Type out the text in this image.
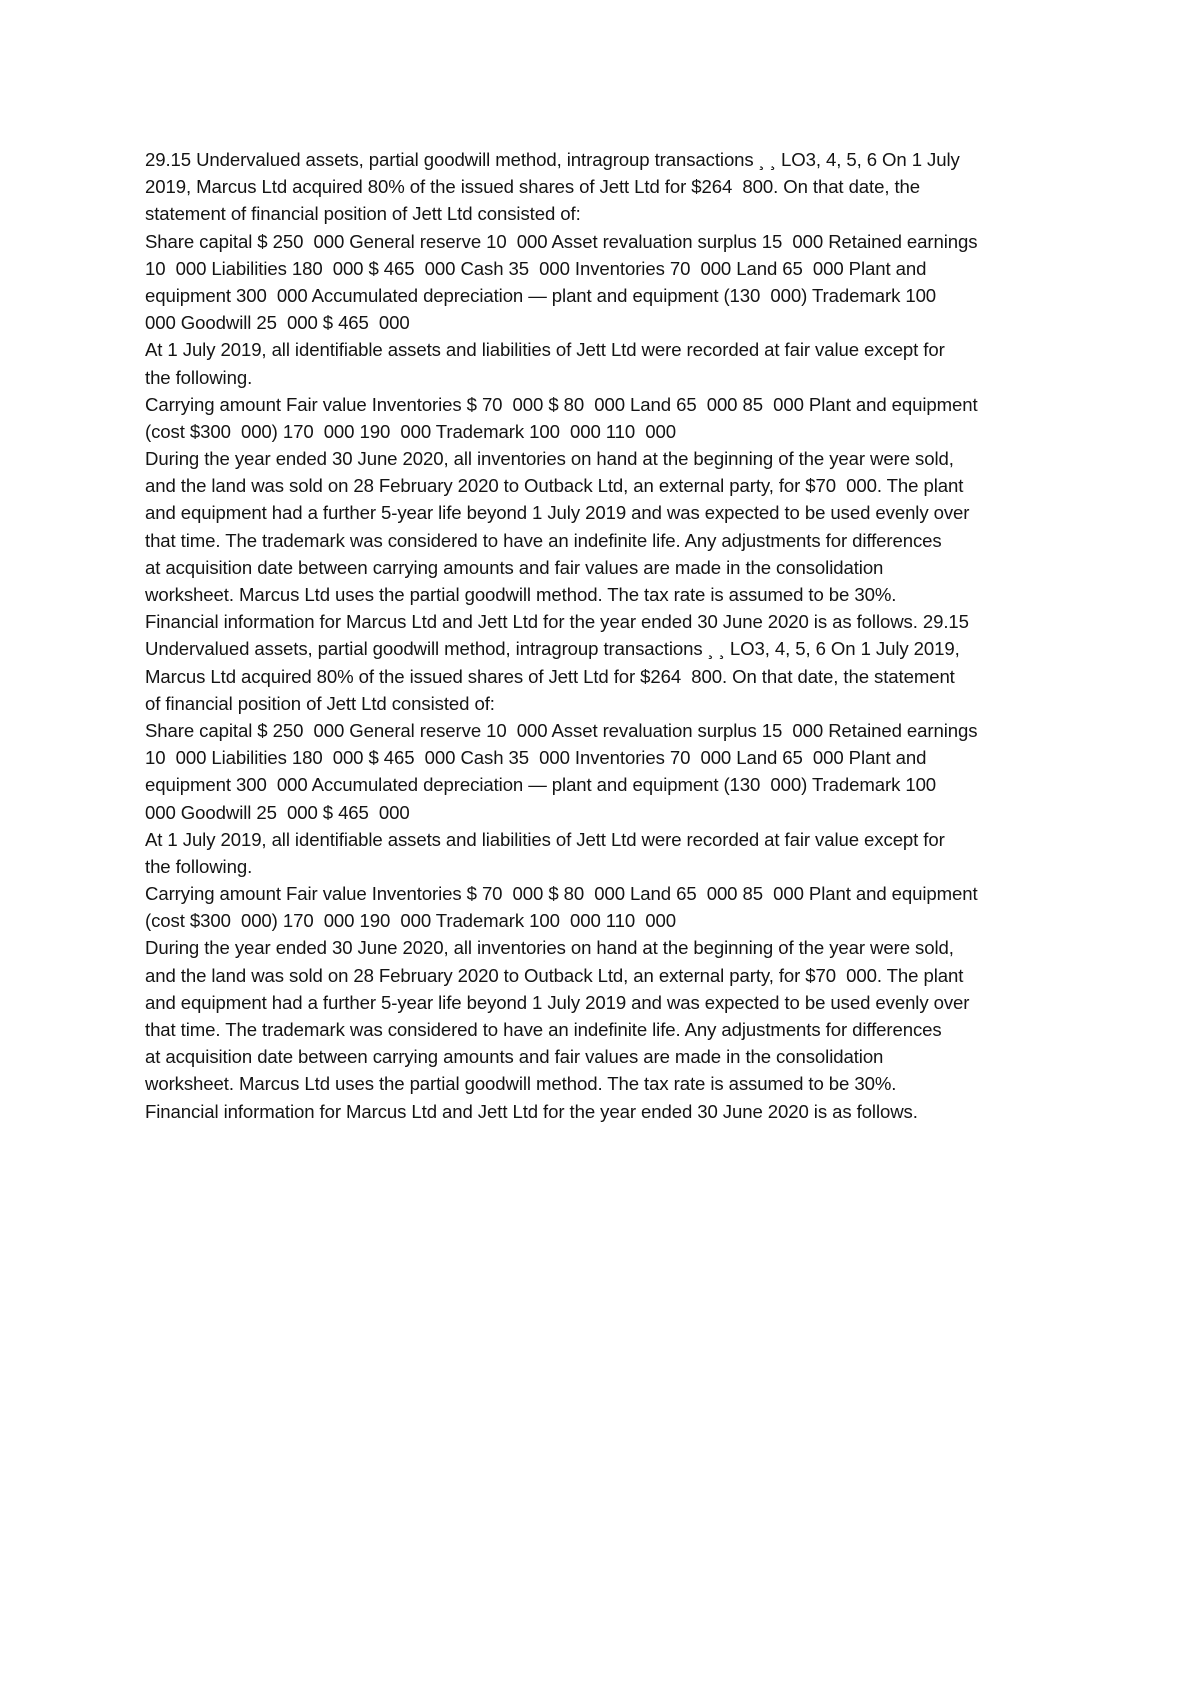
29.15 Undervalued assets, partial goodwill method, intragroup transactions ¸ ¸ LO3, 4, 5, 6 On 1 July
2019, Marcus Ltd acquired 80% of the issued shares of Jett Ltd for $264  800. On that date, the
statement of financial position of Jett Ltd consisted of:
Share capital $ 250  000 General reserve 10  000 Asset revaluation surplus 15  000 Retained earnings
10  000 Liabilities 180  000 $ 465  000 Cash 35  000 Inventories 70  000 Land 65  000 Plant and
equipment 300  000 Accumulated depreciation — plant and equipment (130  000) Trademark 100
000 Goodwill 25  000 $ 465  000
At 1 July 2019, all identifiable assets and liabilities of Jett Ltd were recorded at fair value except for
the following.
Carrying amount Fair value Inventories $ 70  000 $ 80  000 Land 65  000 85  000 Plant and equipment
(cost $300  000) 170  000 190  000 Trademark 100  000 110  000
During the year ended 30 June 2020, all inventories on hand at the beginning of the year were sold,
and the land was sold on 28 February 2020 to Outback Ltd, an external party, for $70  000. The plant
and equipment had a further 5-year life beyond 1 July 2019 and was expected to be used evenly over
that time. The trademark was considered to have an indefinite life. Any adjustments for differences
at acquisition date between carrying amounts and fair values are made in the consolidation
worksheet. Marcus Ltd uses the partial goodwill method. The tax rate is assumed to be 30%.
Financial information for Marcus Ltd and Jett Ltd for the year ended 30 June 2020 is as follows. 29.15
Undervalued assets, partial goodwill method, intragroup transactions ¸ ¸ LO3, 4, 5, 6 On 1 July 2019,
Marcus Ltd acquired 80% of the issued shares of Jett Ltd for $264  800. On that date, the statement
of financial position of Jett Ltd consisted of:
Share capital $ 250  000 General reserve 10  000 Asset revaluation surplus 15  000 Retained earnings
10  000 Liabilities 180  000 $ 465  000 Cash 35  000 Inventories 70  000 Land 65  000 Plant and
equipment 300  000 Accumulated depreciation — plant and equipment (130  000) Trademark 100
000 Goodwill 25  000 $ 465  000
At 1 July 2019, all identifiable assets and liabilities of Jett Ltd were recorded at fair value except for
the following.
Carrying amount Fair value Inventories $ 70  000 $ 80  000 Land 65  000 85  000 Plant and equipment
(cost $300  000) 170  000 190  000 Trademark 100  000 110  000
During the year ended 30 June 2020, all inventories on hand at the beginning of the year were sold,
and the land was sold on 28 February 2020 to Outback Ltd, an external party, for $70  000. The plant
and equipment had a further 5-year life beyond 1 July 2019 and was expected to be used evenly over
that time. The trademark was considered to have an indefinite life. Any adjustments for differences
at acquisition date between carrying amounts and fair values are made in the consolidation
worksheet. Marcus Ltd uses the partial goodwill method. The tax rate is assumed to be 30%.
Financial information for Marcus Ltd and Jett Ltd for the year ended 30 June 2020 is as follows.
